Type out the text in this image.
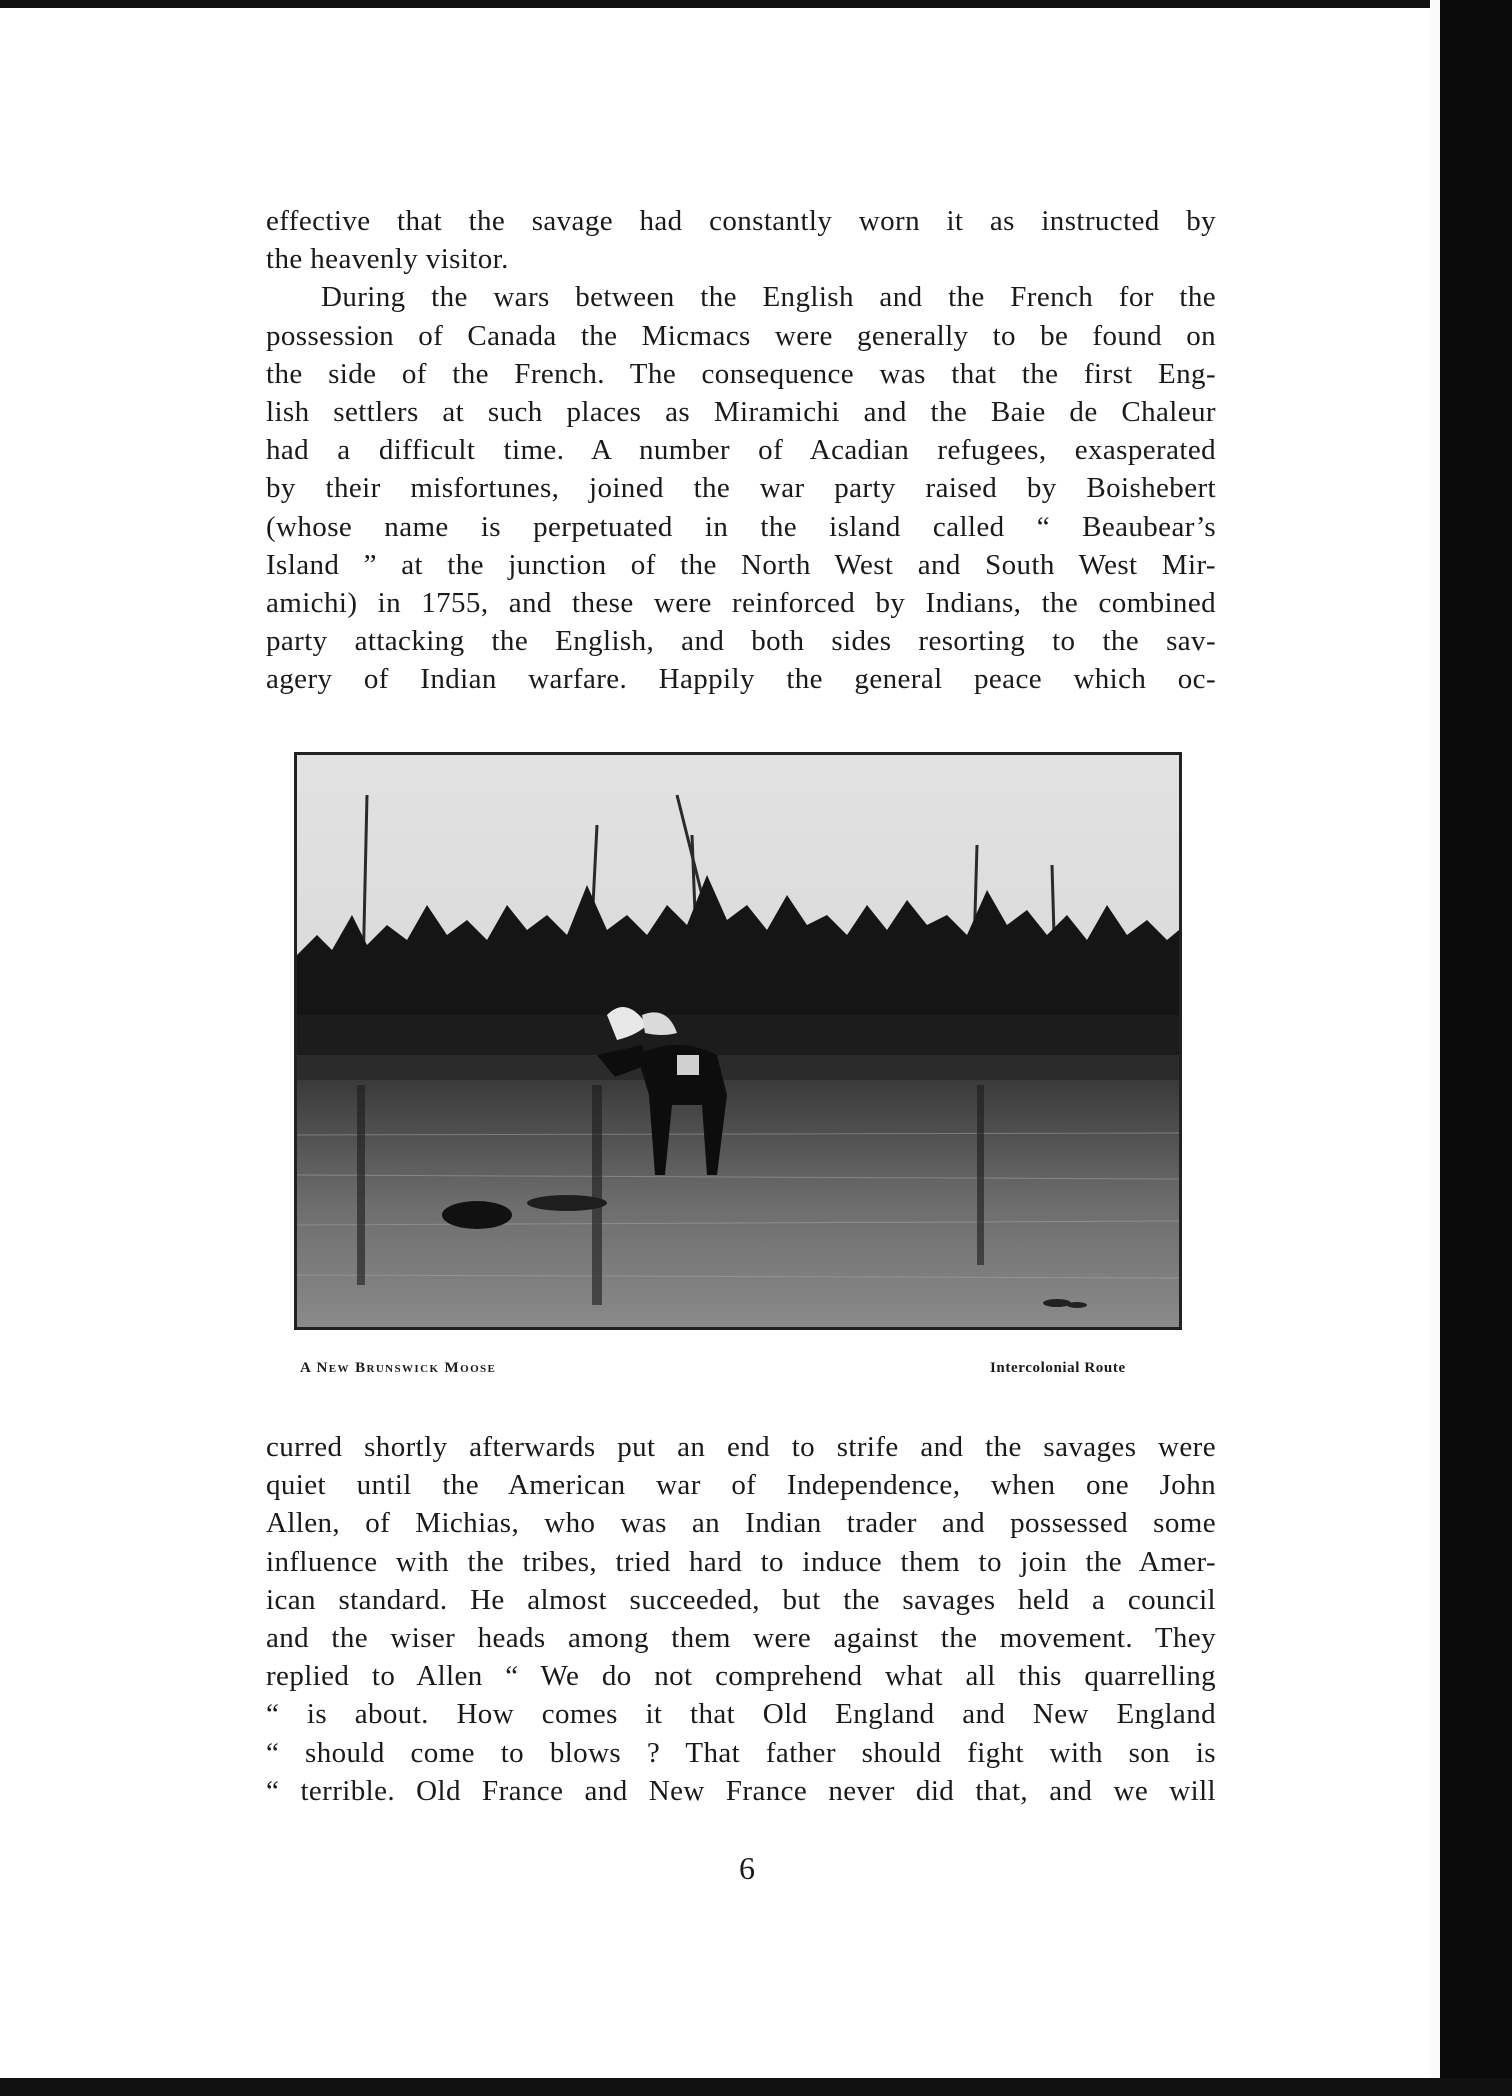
effective that the savage had constantly worn it as instructed by
the heavenly visitor.

During the wars between the English and the French for the
possession of Canada the Micmacs were generally to be found on
the side of the French. The consequence was that the first Eng-
lish settlers at such places as Miramichi and the Baie de Chaleur
had a difficult time. A number of Acadian refugees, exasperated
by their misfortunes, joined the war party raised by Boishebert
(whose name is perpetuated in the island called “ Beaubear’s
Island ” at the junction of the North West and South West Mir-
amichi) in 1755, and these were reinforced by Indians, the combined
party attacking the English, and both sides resorting to the sav-
agery of Indian warfare. Happily the general peace which oc-

A New Brunswick Moose	Intercolonial Route

curred shortly afterwards put an end to strife and the savages were
quiet until the American war of Independence, when one John
Allen, of Michias, who was an Indian trader and possessed some
influence with the tribes, tried hard to induce them to join the Amer-
ican standard. He almost succeeded, but the savages held a council
and the wiser heads among them were against the movement. They
replied to Allen “ We do not comprehend what all this quarrelling
“ is about. How comes it that Old England and New England
“ should come to blows ? That father should fight with son is
“ terrible. Old France and New France never did that, and we will

6
